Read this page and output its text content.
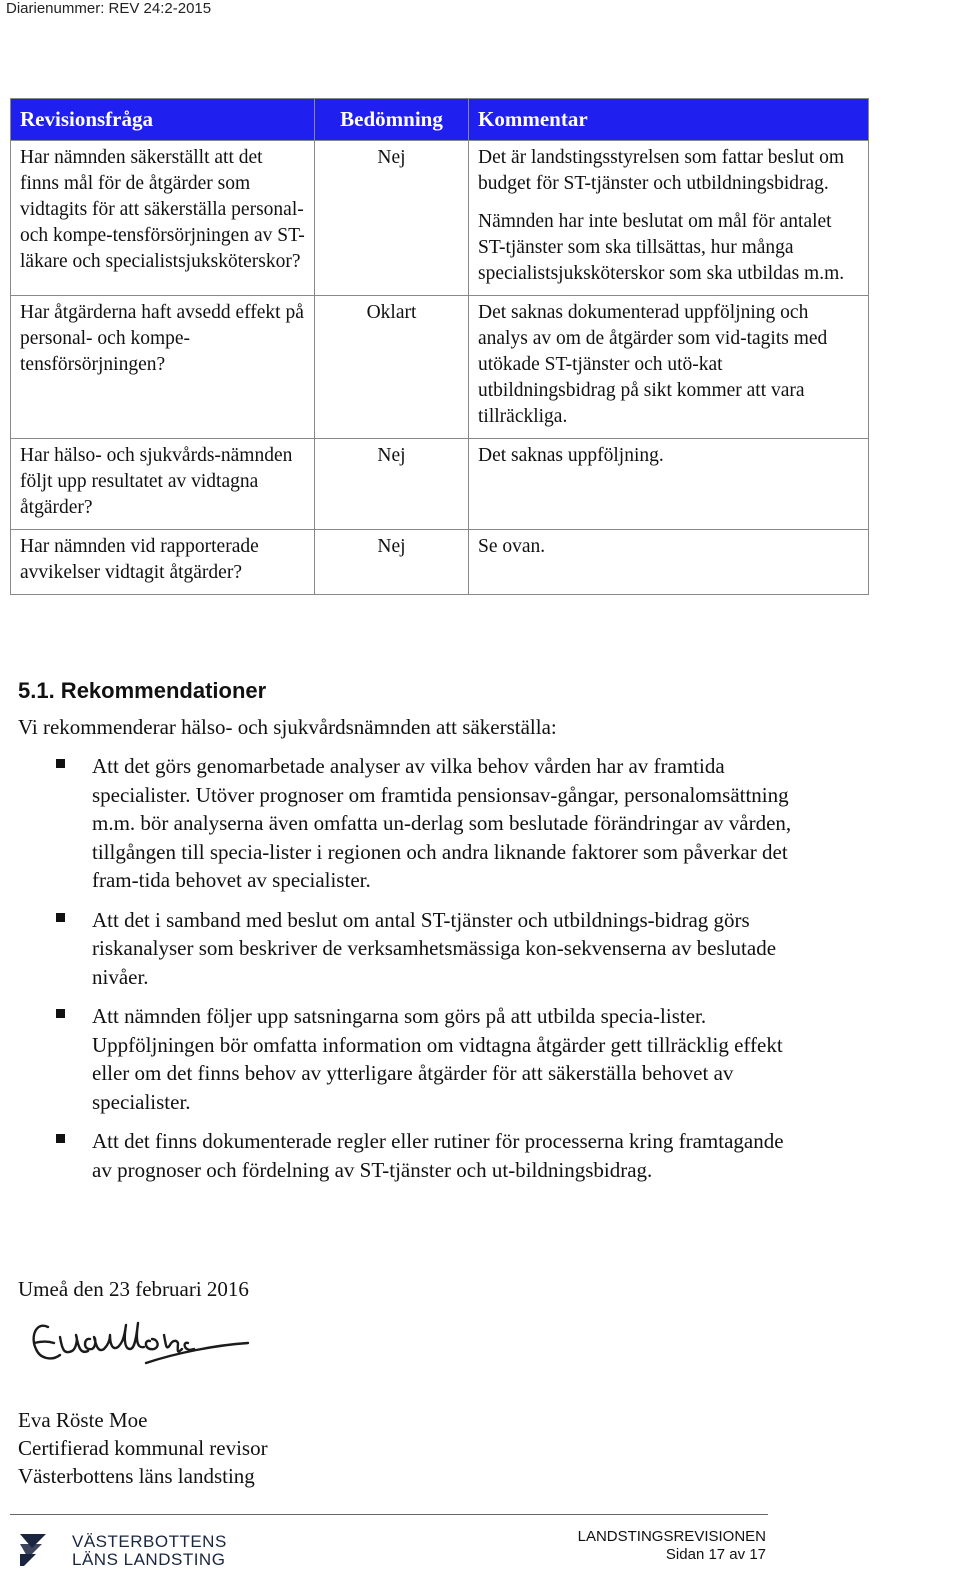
Diarienummer: REV 24:2-2015
Revisionsfråga	Bedömning	Kommentar
Har nämnden säkerställt att det finns mål för de åtgärder som vidtagits för att säkerställa personal- och kompe-tensförsörjningen av ST-läkare och specialistsjuksköterskor?	Nej	Det är landstingsstyrelsen som fattar beslut om budget för ST-tjänster och utbildningsbidrag.

Nämnden har inte beslutat om mål för antalet ST-tjänster som ska tillsättas, hur många specialistsjuksköterskor som ska utbildas m.m.

Har åtgärderna haft avsedd effekt på personal- och kompe-tensförsörjningen?	Oklart	Det saknas dokumenterad uppföljning och analys av om de åtgärder som vid-tagits med utökade ST-tjänster och utö-kat utbildningsbidrag på sikt kommer att vara tillräckliga.

Har hälso- och sjukvårds-nämnden följt upp resultatet av vidtagna åtgärder?	Nej	Det saknas uppföljning.

Har nämnden vid rapporterade avvikelser vidtagit åtgärder?	Nej	Se ovan.

5.1. Rekommendationer
Vi rekommenderar hälso- och sjukvårdsnämnden att säkerställa:
Att det görs genomarbetade analyser av vilka behov vården har av framtida specialister. Utöver prognoser om framtida pensionsav-gångar, personalomsättning m.m. bör analyserna även omfatta un-derlag som beslutade förändringar av vården, tillgången till specia-lister i regionen och andra liknande faktorer som påverkar det fram-tida behovet av specialister.
Att det i samband med beslut om antal ST-tjänster och utbildnings-bidrag görs riskanalyser som beskriver de verksamhetsmässiga kon-sekvenserna av beslutade nivåer.
Att nämnden följer upp satsningarna som görs på att utbilda specia-lister. Uppföljningen bör omfatta information om vidtagna åtgärder gett tillräcklig effekt eller om det finns behov av ytterligare åtgärder för att säkerställa behovet av specialister.
Att det finns dokumenterade regler eller rutiner för processerna kring framtagande av prognoser och fördelning av ST-tjänster och ut-bildningsbidrag.
Umeå den 23 februari 2016
Eva Röste Moe
Certifierad kommunal revisor
Västerbottens läns landsting
VÄSTERBOTTENS
LÄNS LANDSTING
LANDSTINGSREVISIONEN
Sidan 17 av 17
